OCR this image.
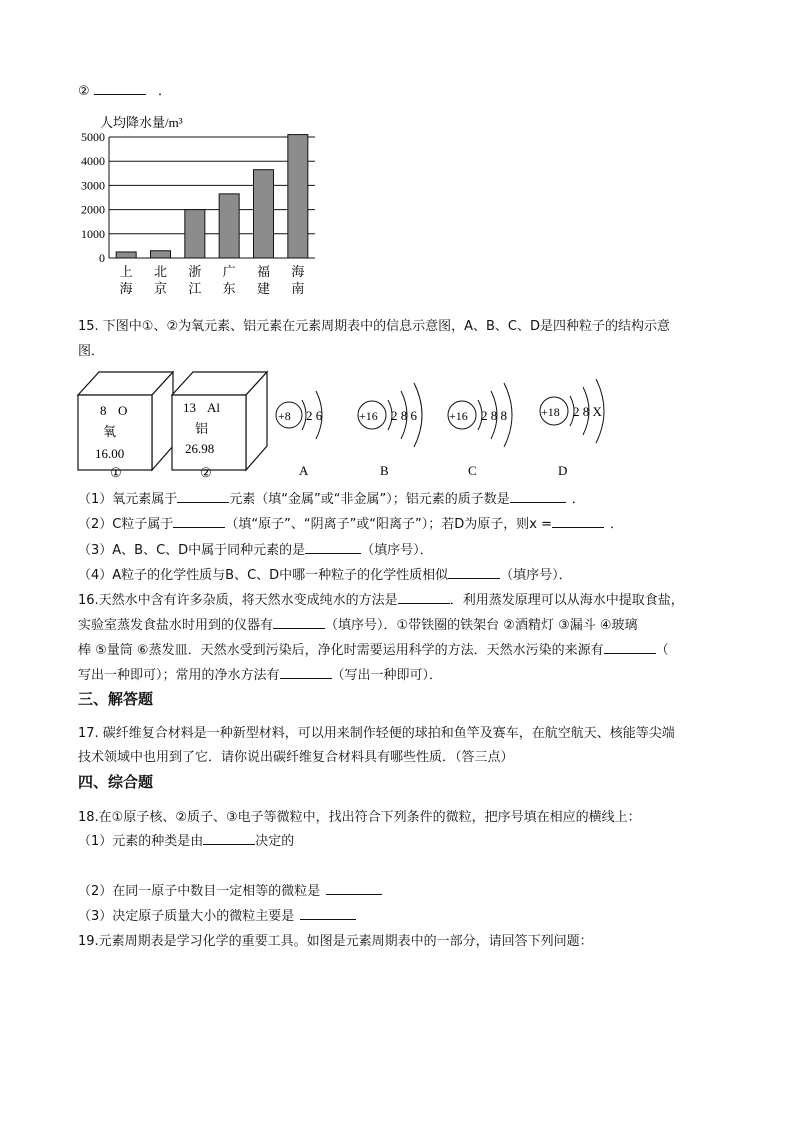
②	．
人均降水量/m³
0
1000
2000
3000
4000
5000
上
海
北
京
浙
江
广
东
福
建
海
南
15. 下图中①、②为氧元素、铝元素在元素周期表中的信息示意图，A、B、C、D是四种粒子的结构示意
图．
8 O
氧
16.00
13 Al
铝
26.98
①	②
+8 2 6
A
+16 2 8 6
B
+16 2 8 8
C
+18 2 8 X
D
（1）氧元素属于	元素（填“金属”或“非金属”）；铝元素的质子数是	．
（2）C粒子属于	（填“原子”、“阴离子”或“阳离子”）；若D为原子，则x =	．
（3）A、B、C、D中属于同种元素的是	（填序号）．
（4）A粒子的化学性质与B、C、D中哪一种粒子的化学性质相似	（填序号）．
16.天然水中含有许多杂质，将天然水变成纯水的方法是	．利用蒸发原理可以从海水中提取食盐，
实验室蒸发食盐水时用到的仪器有	（填序号）．①带铁圈的铁架台 ②酒精灯 ③漏斗 ④玻璃
棒 ⑤量筒 ⑥蒸发皿．天然水受到污染后，净化时需要运用科学的方法．天然水污染的来源有	（
写出一种即可）；常用的净水方法有	（写出一种即可）．
三、解答题
17. 碳纤维复合材料是一种新型材料，可以用来制作轻便的球拍和鱼竿及赛车，在航空航天、核能等尖端
技术领域中也用到了它．请你说出碳纤维复合材料具有哪些性质．（答三点）
四、综合题
18.在①原子核、②质子、③电子等微粒中，找出符合下列条件的微粒，把序号填在相应的横线上：
（1）元素的种类是由	决定的
（2）在同一原子中数目一定相等的微粒是
（3）决定原子质量大小的微粒主要是
19.元素周期表是学习化学的重要工具。如图是元素周期表中的一部分，请回答下列问题：
